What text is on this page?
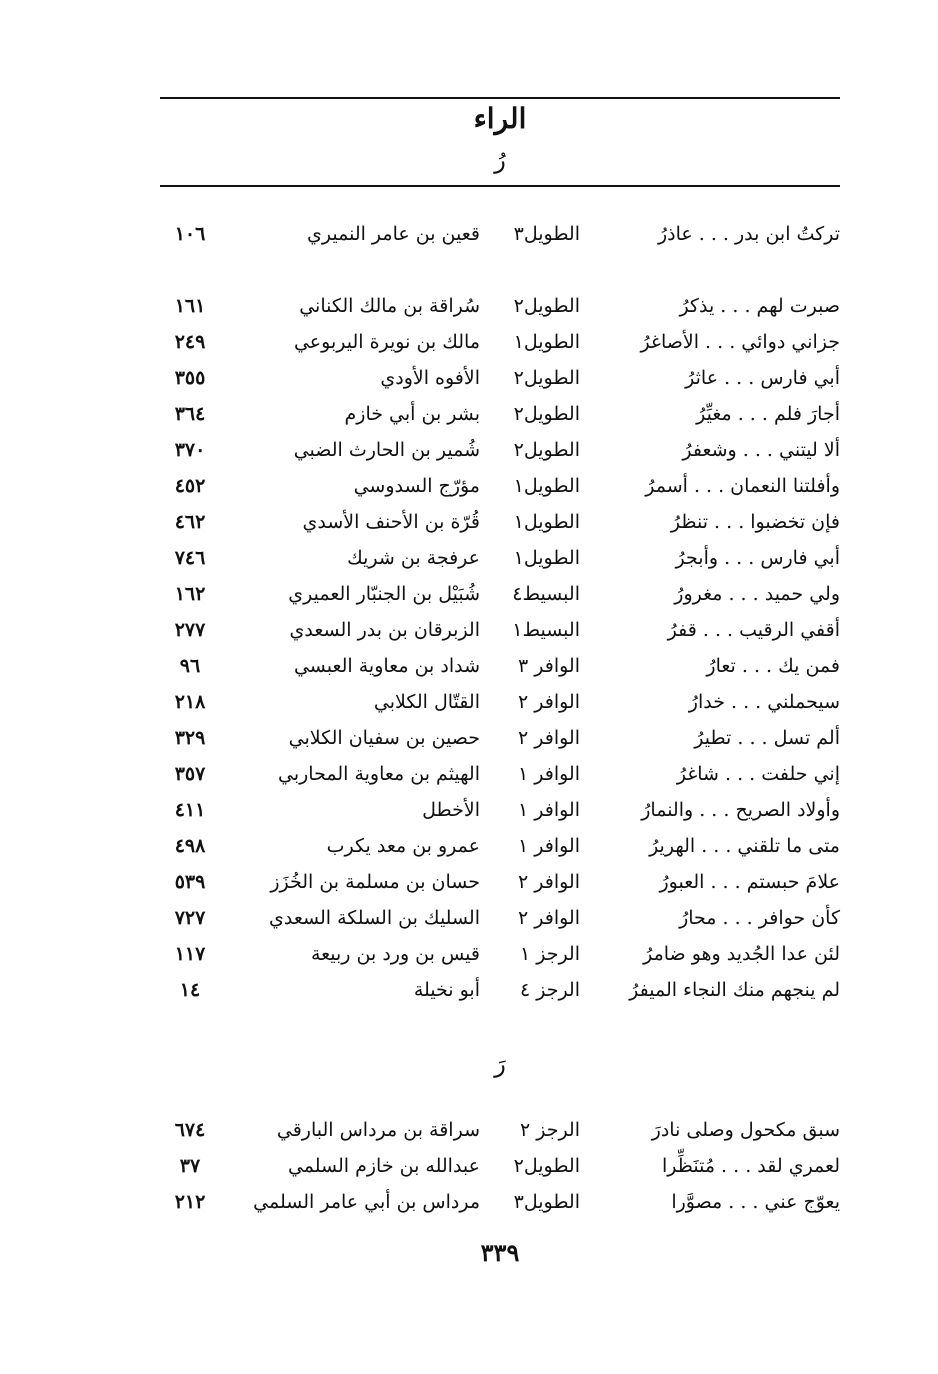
الراء
رُ
تركتُ ابن بدر . . . عاذرُ
الطويل٣
قعين بن عامر النميري
١٠٦
صبرت لهم . . . يذكرُ
الطويل٢
سُراقة بن مالك الكناني
١٦١
جزاني دوائي . . . الأصاغرُ
الطويل١
مالك بن نويرة اليربوعي
٢٤٩
أبي فارس . . . عاثرُ
الطويل٢
الأفوه الأودي
٣٥٥
أجارَ فلم . . . مغيِّرُ
الطويل٢
بشر بن أبي خازم
٣٦٤
ألا ليتني . . . وشعفرُ
الطويل٢
شُمير بن الحارث الضبي
٣٧٠
وأفلتنا النعمان . . . أسمرُ
الطويل١
مؤرّج السدوسي
٤٥٢
فإن تخضبوا . . . تنظرُ
الطويل١
قُرّة بن الأحنف الأسدي
٤٦٢
أبي فارس . . . وأبجرُ
الطويل١
عرفجة بن شريك
٧٤٦
ولي حميد . . . مغرورُ
البسيط٤
شُبَيْل بن الجنبّار العميري
١٦٢
أقفي الرقيب . . . قفرُ
البسيط١
الزبرقان بن بدر السعدي
٢٧٧
فمن يك . . . تعارُ
الوافر ٣
شداد بن معاوية العبسي
٩٦
سيحملني . . . خدارُ
الوافر ٢
القتّال الكلابي
٢١٨
ألم تسل . . . تطيرُ
الوافر ٢
حصين بن سفيان الكلابي
٣٢٩
إني حلفت . . . شاغرُ
الوافر ١
الهيثم بن معاوية المحاربي
٣٥٧
وأولاد الصريح . . . والنمارُ
الوافر ١
الأخطل
٤١١
متى ما تلقني . . . الهريرُ
الوافر ١
عمرو بن معد يكرب
٤٩٨
علامَ حبستم . . . العبورُ
الوافر ٢
حسان بن مسلمة بن الخُزَز
٥٣٩
كأن حوافر . . . محارُ
الوافر ٢
السليك بن السلكة السعدي
٧٢٧
لئن عدا الجُديد وهو ضامرُ
الرجز ١
قيس بن ورد بن ربيعة
١١٧
لم ينجهم منك النجاء الميفرُ
الرجز ٤
أبو نخيلة
١٤
رَ
سبق مكحول وصلى نادرَ
الرجز ٢
سراقة بن مرداس البارقي
٦٧٤
لعمري لقد . . . مُتنَظِّرا
الطويل٢
عبدالله بن خازم السلمي
٣٧
يعوّج عني . . . مصوَّرا
الطويل٣
مرداس بن أبي عامر السلمي
٢١٢
٣٣٩
